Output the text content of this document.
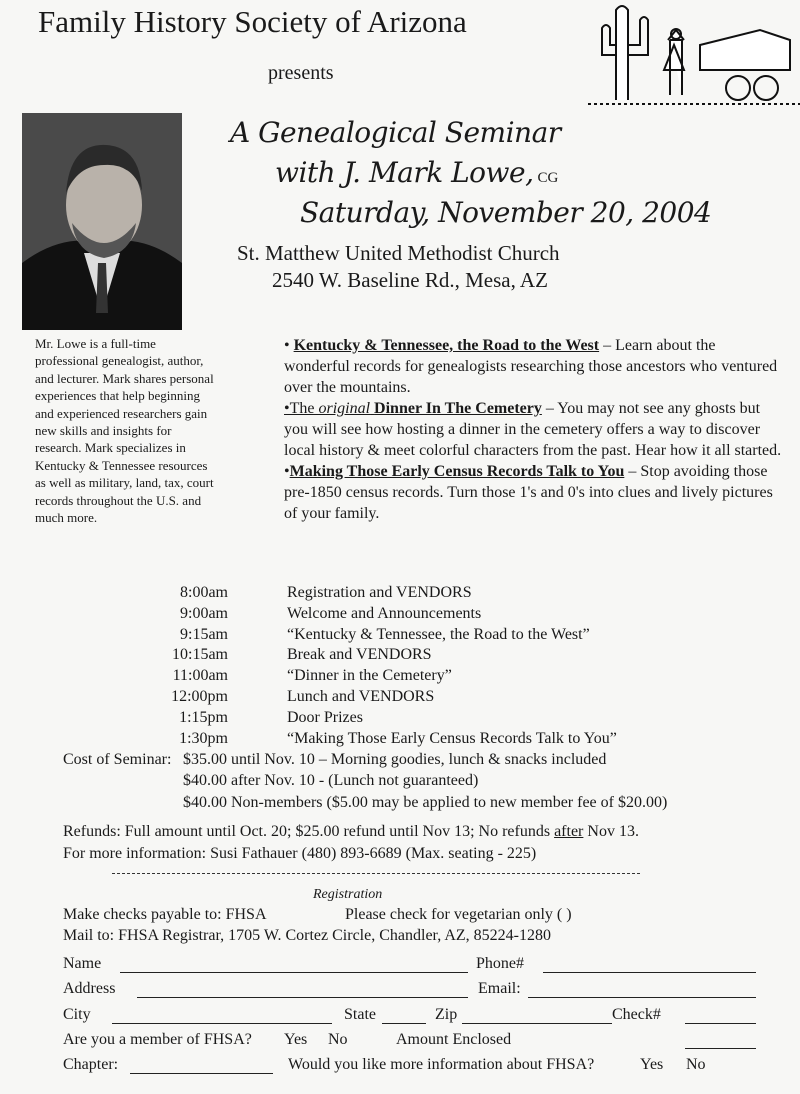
Family History Society of Arizona
presents
A Genealogical Seminar
with J. Mark Lowe, CG
Saturday, November 20, 2004
St. Matthew United Methodist Church
2540 W. Baseline Rd., Mesa, AZ
Mr. Lowe is a full-time professional genealogist, author, and lecturer. Mark shares personal experiences that help beginning and experienced researchers gain new skills and insights for research. Mark specializes in Kentucky & Tennessee resources as well as military, land, tax, court records throughout the U.S. and much more.
• Kentucky & Tennessee, the Road to the West – Learn about the wonderful records for genealogists researching those ancestors who ventured over the mountains.
•The original Dinner In The Cemetery – You may not see any ghosts but you will see how hosting a dinner in the cemetery offers a way to discover local history & meet colorful characters from the past. Hear how it all started.
•Making Those Early Census Records Talk to You – Stop avoiding those pre-1850 census records. Turn those 1's and 0's into clues and lively pictures of your family.
8:00am	Registration and VENDORS
9:00am	Welcome and Announcements
9:15am	“Kentucky & Tennessee, the Road to the West”
10:15am	Break and VENDORS
11:00am	“Dinner in the Cemetery”
12:00pm	Lunch and VENDORS
1:15pm	Door Prizes
1:30pm	“Making Those Early Census Records Talk to You”
Cost of Seminar: $35.00 until Nov. 10 – Morning goodies, lunch & snacks included
$40.00 after Nov. 10 - (Lunch not guaranteed)
$40.00 Non-members ($5.00 may be applied to new member fee of $20.00)
Refunds: Full amount until Oct. 20; $25.00 refund until Nov 13; No refunds after Nov 13.
For more information: Susi Fathauer (480) 893-6689 (Max. seating - 225)
Registration
Make checks payable to: FHSA	Please check for vegetarian only ( )
Mail to: FHSA Registrar, 1705 W. Cortez Circle, Chandler, AZ, 85224-1280
Name	Phone#
Address	Email:
City	State	Zip	Check#
Are you a member of FHSA? Yes No	Amount Enclosed
Chapter:	Would you like more information about FHSA?	Yes No
